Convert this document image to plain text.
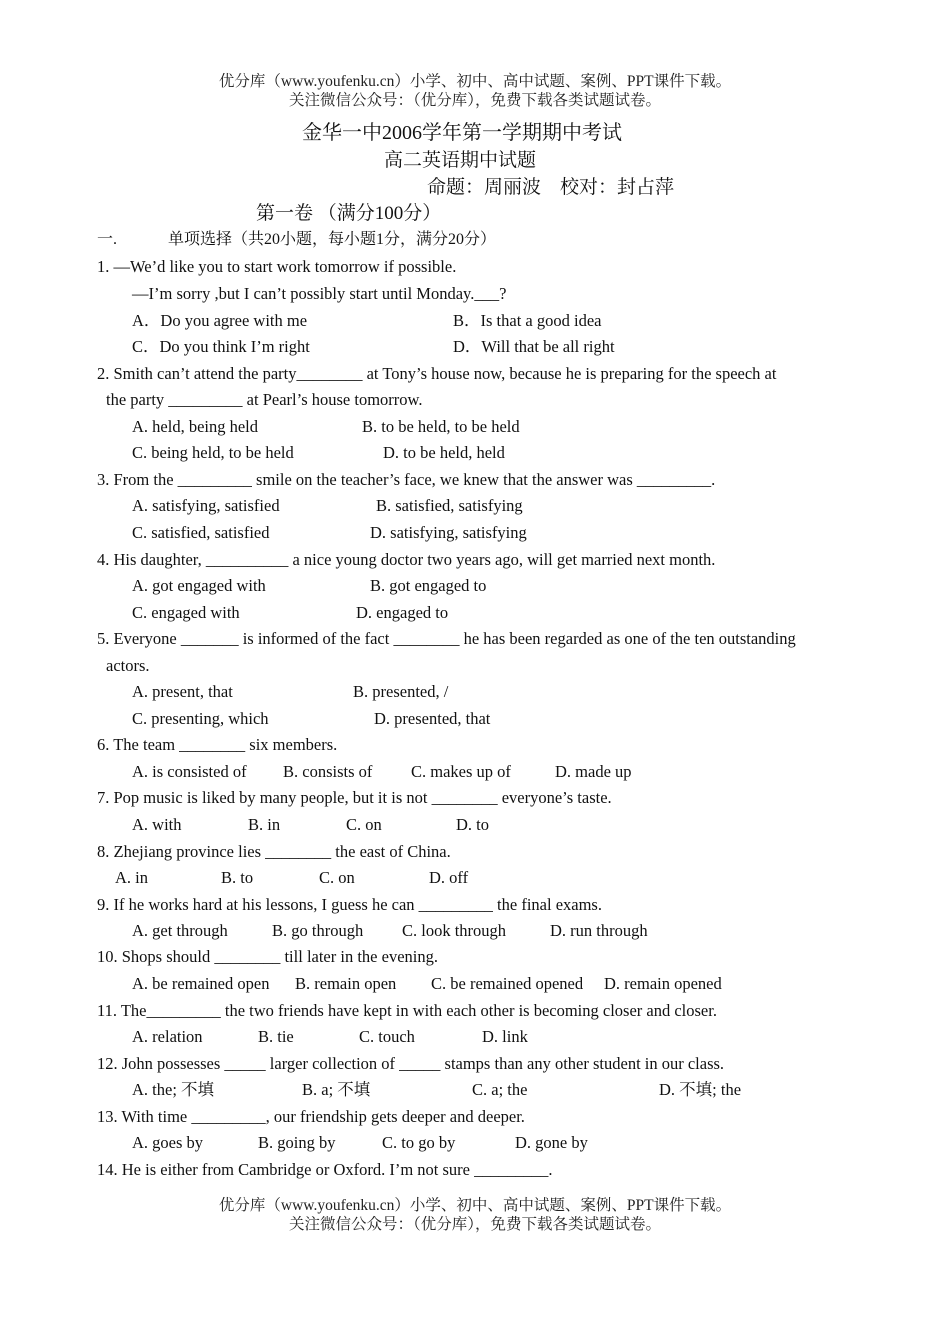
优分库（www.youfenku.cn）小学、初中、高中试题、案例、PPT课件下载。
关注微信公众号：（优分库），免费下载各类试题试卷。
金华一中2006学年第一学期期中考试
高二英语期中试题
命题：周丽波　校对：封占萍
第一卷 （满分100分）
一.	单项选择（共20小题，每小题1分，满分20分）
1. —We’d like you to start work tomorrow if possible.
—I’m sorry ,but I can’t possibly start until Monday.___?
A．Do you agree with me	B．Is that a good idea
C．Do you think I’m right	D．Will that be all right
2. Smith can’t attend the party________ at Tony’s house now, because he is preparing for the speech at
the party _________ at Pearl’s house tomorrow.
A. held, being held	B. to be held, to be held
C. being held, to be held	D. to be held, held
3. From the _________ smile on the teacher’s face, we knew that the answer was _________.
A. satisfying, satisfied	B. satisfied, satisfying
C. satisfied, satisfied	D. satisfying, satisfying
4. His daughter, __________ a nice young doctor two years ago, will get married next month.
A. got engaged with	B. got engaged to
C. engaged with	D. engaged to
5. Everyone _______ is informed of the fact ________ he has been regarded as one of the ten outstanding
actors.
A. present, that	B. presented, /
C. presenting, which	D. presented, that
6. The team ________ six members.
A. is consisted of B. consists of C. makes up of	D. made up
7. Pop music is liked by many people, but it is not ________ everyone’s taste.
A. with	B. in	C. on	D. to
8. Zhejiang province lies ________ the east of China.
A. in	B. to	C. on	D. off
9. If he works hard at his lessons, I guess he can _________ the final exams.
A. get through	B. go through C. look through	D. run through
10. Shops should ________ till later in the evening.
A. be remained open B. remain open C. be remained opened D. remain opened
11. The_________ the two friends have kept in with each other is becoming closer and closer.
A. relation	B. tie	C. touch	D. link
12. John possesses _____ larger collection of _____ stamps than any other student in our class.
A. the; 不填	B. a; 不填	C. a; the	D. 不填; the
13. With time _________, our friendship gets deeper and deeper.
A. goes by	B. going by	C. to go by	D. gone by
14. He is either from Cambridge or Oxford. I’m not sure _________.
优分库（www.youfenku.cn）小学、初中、高中试题、案例、PPT课件下载。
关注微信公众号：（优分库），免费下载各类试题试卷。
